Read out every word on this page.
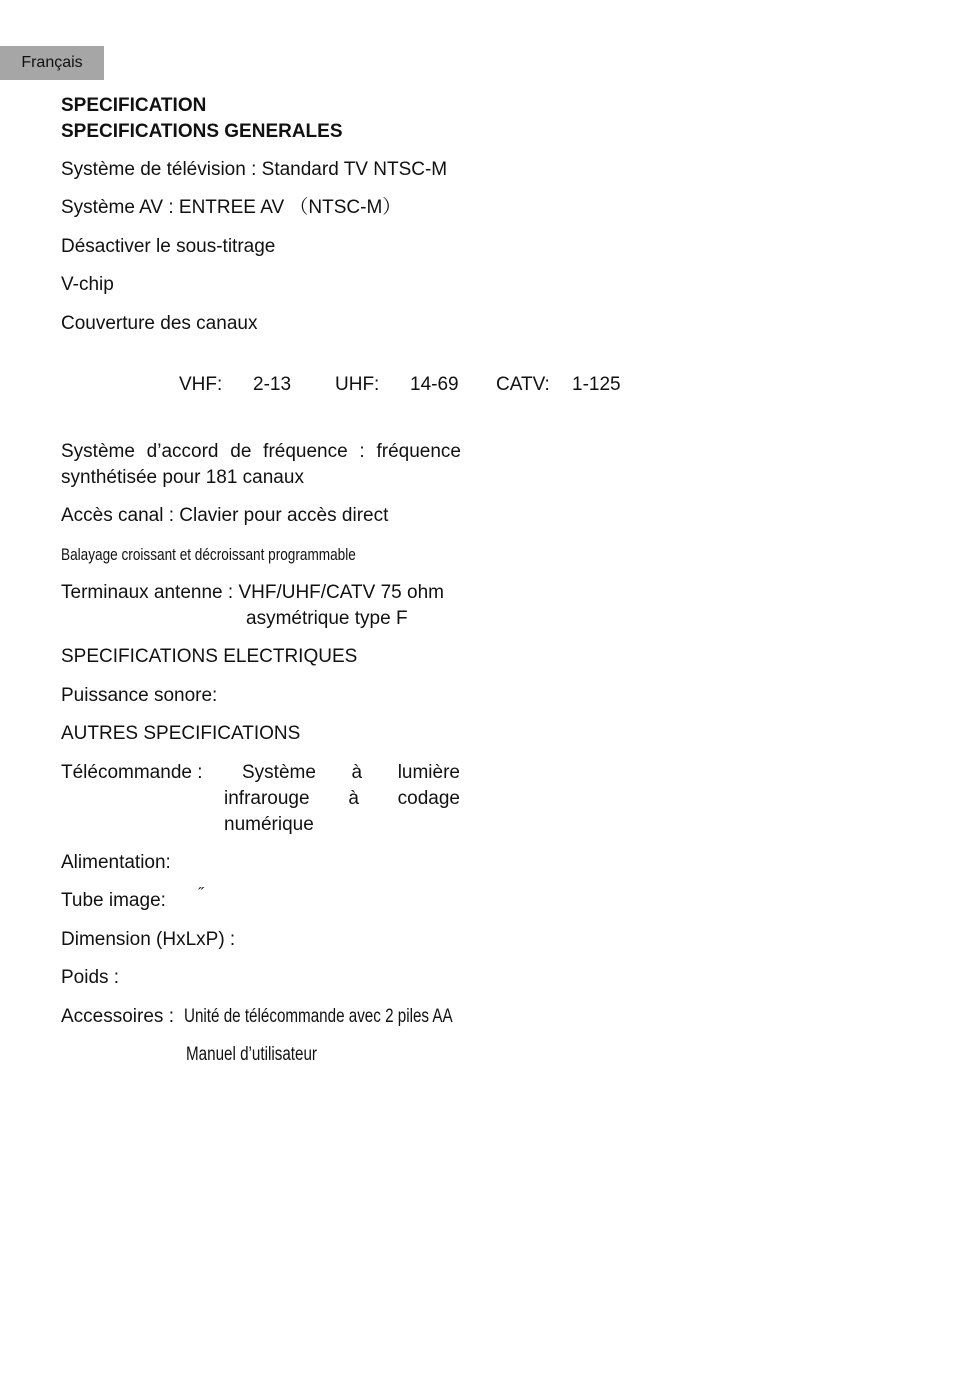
Français
SPECIFICATION
SPECIFICATIONS GENERALES
Système de télévision : Standard TV NTSC-M
Système AV : ENTREE AV （NTSC-M）
Désactiver le sous-titrage
V-chip
Couverture des canaux
VHF: 2-13 UHF: 14-69 CATV: 1-125
Système d’accord de fréquence : fréquence
synthétisée pour 181 canaux
Accès canal : Clavier pour accès direct
Balayage croissant et décroissant programmable
Terminaux antenne : VHF/UHF/CATV 75 ohm
asymétrique type F
SPECIFICATIONS ELECTRIQUES
Puissance sonore:
AUTRES SPECIFICATIONS
Télécommande : Système à lumière
infrarouge à codage
numérique
Alimentation:
Tube image: ˝
Dimension (HxLxP) :
Poids :
Accessoires : Unité de télécommande avec 2 piles AA
Manuel d’utilisateur
